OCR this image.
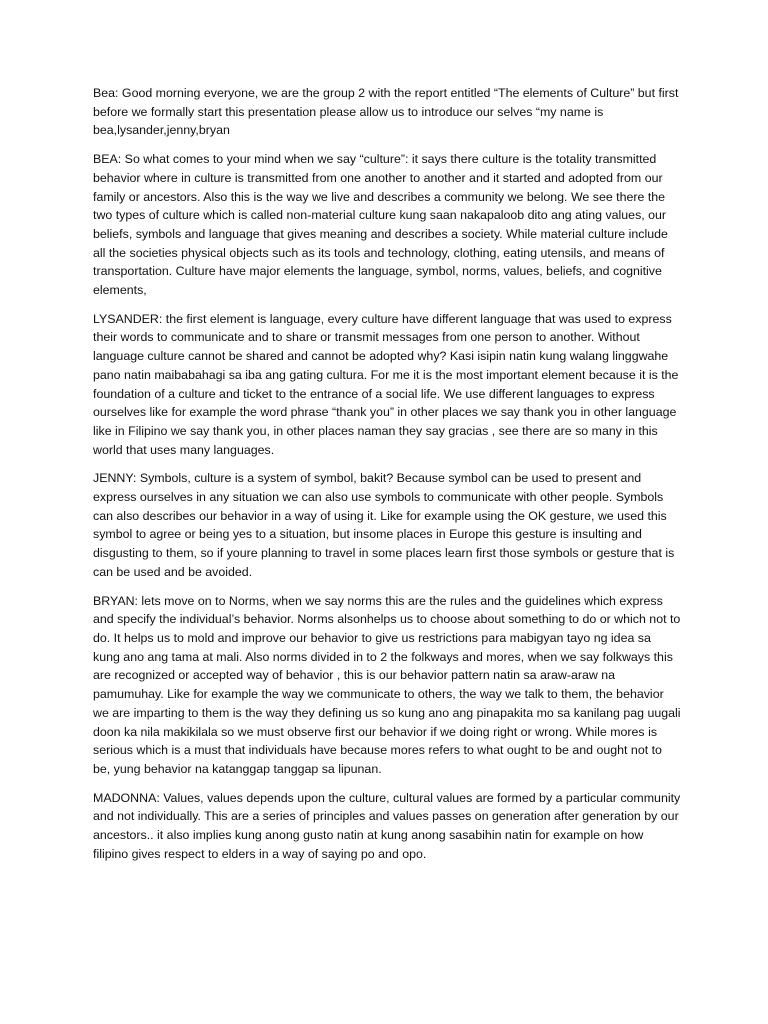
Bea: Good morning everyone, we are the group 2 with the report entitled “The elements of Culture” but first before we formally start this presentation please allow us to introduce our selves “my name is bea,lysander,jenny,bryan

BEA: So what comes to your mind when we say “culture”: it says there culture is the totality transmitted behavior where in culture is transmitted from one another to another and it started and adopted from our family or ancestors. Also this is the way we live and describes a community we belong. We see there the two types of culture which is called non-material culture kung saan nakapaloob dito ang ating values, our beliefs, symbols and language that gives meaning and describes a society. While material culture include all the societies physical objects such as its tools and technology, clothing, eating utensils, and means of transportation. Culture have major elements the language, symbol, norms, values, beliefs, and cognitive elements,

LYSANDER: the first element is language, every culture have different language that was used to express their words to communicate and to share or transmit messages from one person to another. Without language culture cannot be shared and cannot be adopted why? Kasi isipin natin kung walang linggwahe pano natin maibabahagi sa iba ang gating cultura. For me it is the most important element because it is the foundation of a culture and ticket to the entrance of a social life. We use different languages to express ourselves like for example the word phrase “thank you” in other places we say thank you in other language like in Filipino we say thank you, in other places naman they say gracias , see there are so many in this world that uses many languages.

JENNY: Symbols, culture is a system of symbol, bakit? Because symbol can be used to present and express ourselves in any situation we can also use symbols to communicate with other people. Symbols can also describes our behavior in a way of using it. Like for example using the OK gesture, we used this symbol to agree or being yes to a situation, but insome places in Europe this gesture is insulting and disgusting to them, so if youre planning to travel in some places learn first those symbols or gesture that is can be used and be avoided.

BRYAN: lets move on to Norms, when we say norms this are the rules and the guidelines which express and specify the individual’s behavior. Norms alsonhelps us to choose about something to do or which not to do. It helps us to mold and improve our behavior to give us restrictions para mabigyan tayo ng idea sa kung ano ang tama at mali. Also norms divided in to 2 the folkways and mores, when we say folkways this are recognized or accepted way of behavior , this is our behavior pattern natin sa araw-araw na pamumuhay. Like for example the way we communicate to others, the way we talk to them, the behavior we are imparting to them is the way they defining us so kung ano ang pinapakita mo sa kanilang pag uugali doon ka nila makikilala so we must observe first our behavior if we doing right or wrong. While mores is serious which is a must that individuals have because mores refers to what ought to be and ought not to be, yung behavior na katanggap tanggap sa lipunan.

MADONNA: Values, values depends upon the culture, cultural values are formed by a particular community and not individually. This are a series of principles and values passes on generation after generation by our ancestors.. it also implies kung anong gusto natin at kung anong sasabihin natin for example on how filipino gives respect to elders in a way of saying po and opo.
